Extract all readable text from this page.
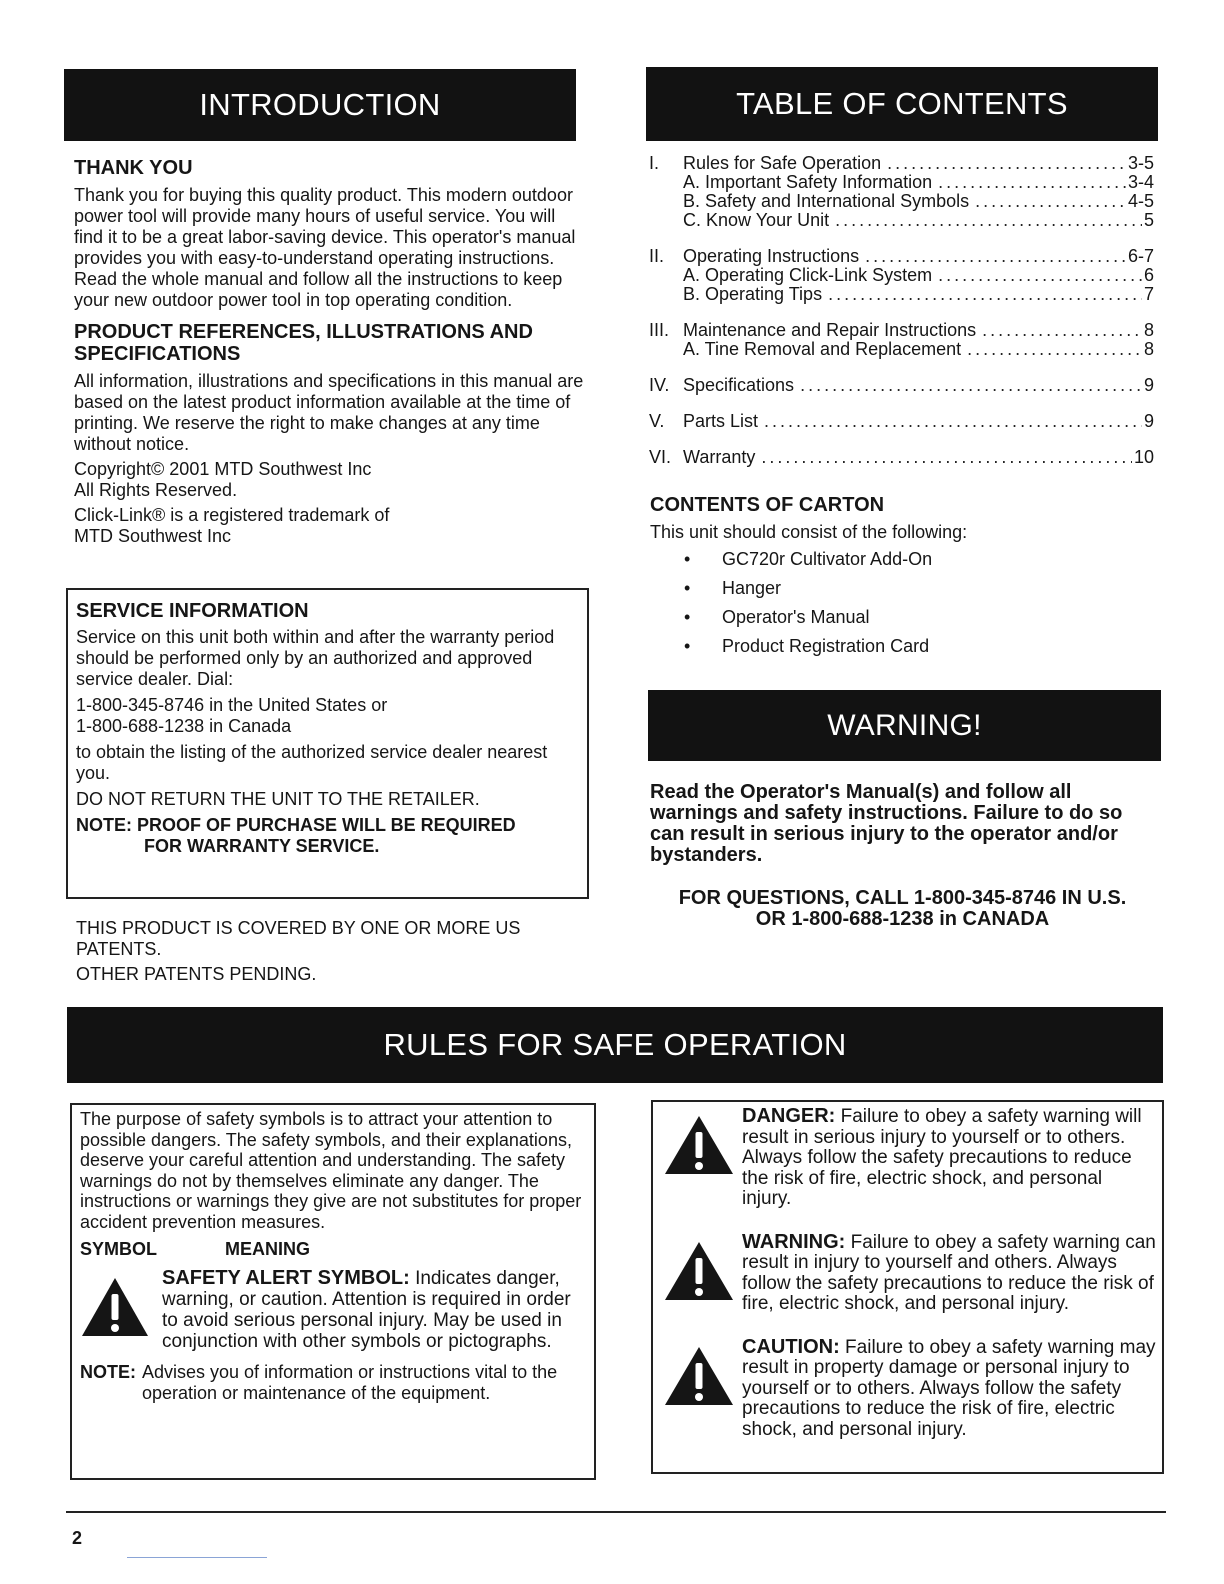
INTRODUCTION	TABLE OF CONTENTS
THANK YOU
Thank you for buying this quality product. This modern outdoor power tool will provide many hours of useful service. You will find it to be a great labor-saving device. This operator's manual provides you with easy-to-understand operating instructions. Read the whole manual and follow all the instructions to keep your new outdoor power tool in top operating condition.
PRODUCT REFERENCES, ILLUSTRATIONS AND SPECIFICATIONS
All information, illustrations and specifications in this manual are based on the latest product information available at the time of printing. We reserve the right to make changes at any time without notice.
Copyright© 2001 MTD Southwest Inc
All Rights Reserved.
Click-Link® is a registered trademark of
MTD Southwest Inc
SERVICE INFORMATION
Service on this unit both within and after the warranty period should be performed only by an authorized and approved service dealer. Dial:
1-800-345-8746 in the United States or
1-800-688-1238 in Canada
to obtain the listing of the authorized service dealer nearest you.
DO NOT RETURN THE UNIT TO THE RETAILER.
NOTE: PROOF OF PURCHASE WILL BE REQUIRED
FOR WARRANTY SERVICE.
THIS PRODUCT IS COVERED BY ONE OR MORE US PATENTS.
OTHER PATENTS PENDING.
I.	Rules for Safe Operation .....	3-5
A. Important Safety Information .....	3-4
B. Safety and International Symbols .....	4-5
C. Know Your Unit .....	5
II.	Operating Instructions .....	6-7
A. Operating Click-Link System .....	6
B. Operating Tips .....	7
III. Maintenance and Repair Instructions .....	8
A. Tine Removal and Replacement .....	8
IV. Specifications .....	9
V.	Parts List .....	9
VI. Warranty .....	10
CONTENTS OF CARTON
This unit should consist of the following:
•	GC720r Cultivator Add-On
•	Hanger
•	Operator's Manual
•	Product Registration Card
WARNING!
Read the Operator's Manual(s) and follow all warnings and safety instructions. Failure to do so can result in serious injury to the operator and/or bystanders.
FOR QUESTIONS, CALL 1-800-345-8746 IN U.S.
OR 1-800-688-1238 in CANADA
RULES FOR SAFE OPERATION
The purpose of safety symbols is to attract your attention to possible dangers. The safety symbols, and their explanations, deserve your careful attention and understanding. The safety warnings do not by themselves eliminate any danger. The instructions or warnings they give are not substitutes for proper accident prevention measures.
SYMBOL	MEANING
SAFETY ALERT SYMBOL: Indicates danger, warning, or caution. Attention is required in order to avoid serious personal injury. May be used in conjunction with other symbols or pictographs.
NOTE: Advises you of information or instructions vital to the operation or maintenance of the equipment.
DANGER: Failure to obey a safety warning will result in serious injury to yourself or to others. Always follow the safety precautions to reduce the risk of fire, electric shock, and personal injury.
WARNING: Failure to obey a safety warning can result in injury to yourself and others. Always follow the safety precautions to reduce the risk of fire, electric shock, and personal injury.
CAUTION: Failure to obey a safety warning may result in property damage or personal injury to yourself or to others. Always follow the safety precautions to reduce the risk of fire, electric shock, and personal injury.
2
